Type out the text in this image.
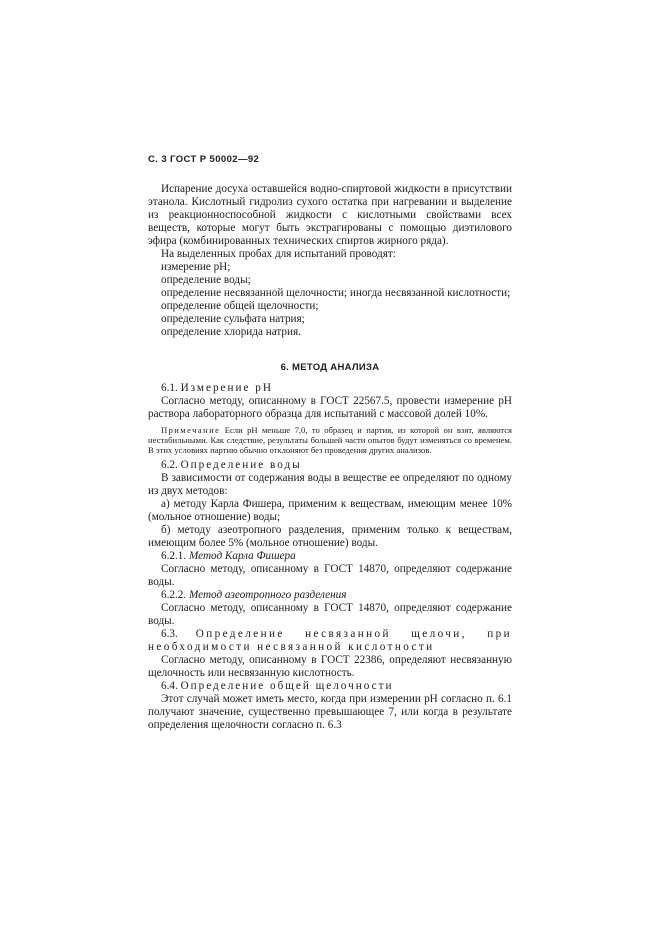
С. 3 ГОСТ Р 50002—92

Испарение досуха оставшейся водно-спиртовой жидкости в присутствии этанола. Кислотный гидролиз сухого остатка при нагревании и выделение из реакционноспособной жидкости с кислотными свойствами всех веществ, которые могут быть экстрагированы с помощью диэтилового эфира (комбинированных технических спиртов жирного ряда).

На выделенных пробах для испытаний проводят:

измерение pH;

определение воды;

определение несвязанной щелочности; иногда несвязанной кислотности;

определение общей щелочности;

определение сульфата натрия;

определение хлорида натрия.

6. МЕТОД АНАЛИЗА

6.1. Измерение pH

Согласно методу, описанному в ГОСТ 22567.5, провести измерение pH раствора лабораторного образца для испытаний с массовой долей 10%.

Примечание Если pH меньше 7,0, то образец и партия, из которой он взят, являются нестабильными. Как следствие, результаты большей части опытов будут изменяться со временем. В этих условиях партию обычно отклоняют без проведения других анализов.

6.2. Определение воды

В зависимости от содержания воды в веществе ее определяют по одному из двух методов:

а) методу Карла Фишера, применим к веществам, имеющим менее 10% (мольное отношение) воды;

б) методу азеотропного разделения, применим только к веществам, имеющим более 5% (мольное отношение) воды.

6.2.1. Метод Карла Фишера

Согласно методу, описанному в ГОСТ 14870, определяют содержание воды.

6.2.2. Метод азеотропного разделения

Согласно методу, описанному в ГОСТ 14870, определяют содержание воды.

6.3. Определение несвязанной щелочи, при необходимости несвязанной кислотности

Согласно методу, описанному в ГОСТ 22386, определяют несвязанную щелочность или несвязанную кислотность.

6.4. Определение общей щелочности

Этот случай может иметь место, когда при измерении pH согласно п. 6.1 получают значение, существенно превышающее 7, или когда в результате определения щелочности согласно п. 6.3
